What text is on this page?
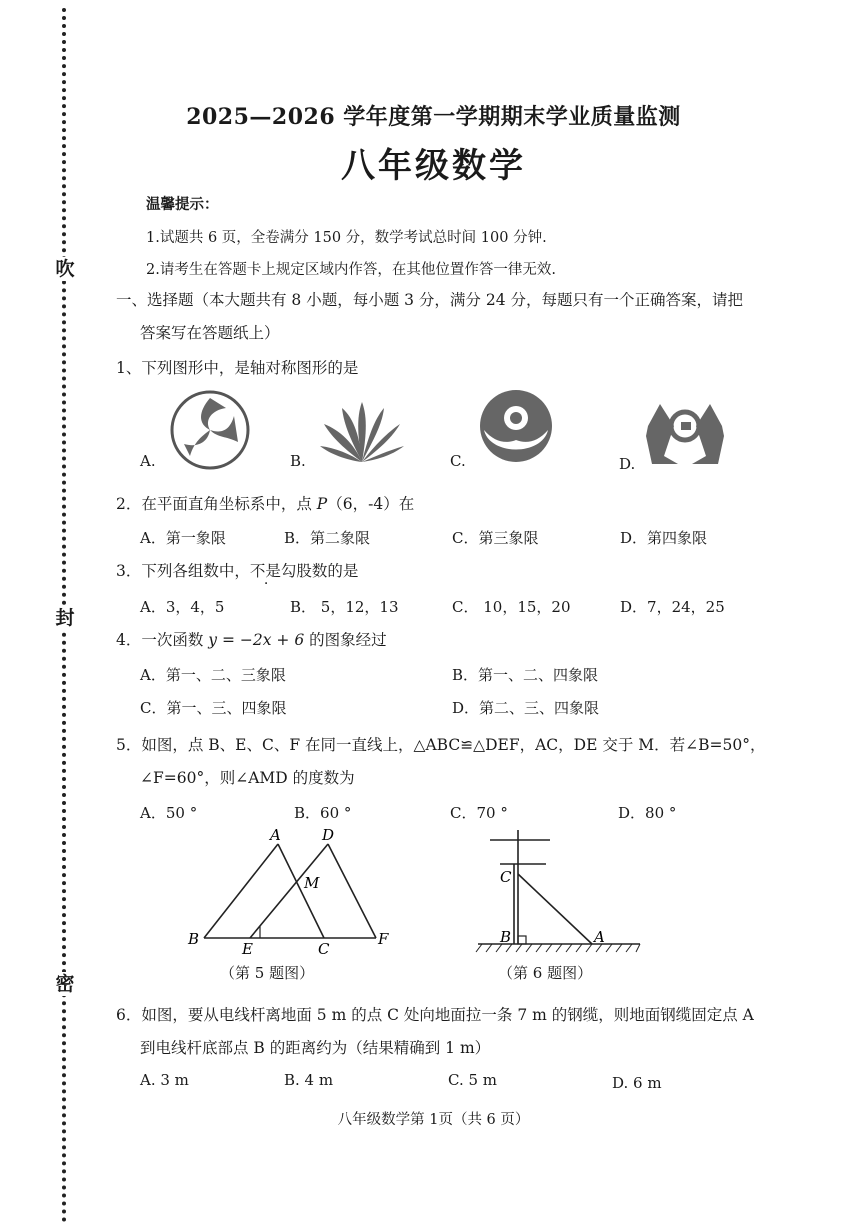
吹
封
密
2025—2026 学年度第一学期期末学业质量监测
八年级数学
温馨提示：
1.试题共 6 页，全卷满分 150 分，数学考试总时间 100 分钟.
2.请考生在答题卡上规定区域内作答，在其他位置作答一律无效.
一、选择题（本大题共有 8 小题，每小题 3 分，满分 24 分，每题只有一个正确答案，请把
答案写在答题纸上）
1、下列图形中，是轴对称图形的是
A.	B.	C.	D.
2．在平面直角坐标系中，点 P（6，-4）在
A．第一象限	B．第二象限	C．第三象限	D．第四象限
3．下列各组数中，不是勾股数的是
A．3，4，5	B． 5，12，13	C． 10，15，20	D．7，24，25
4．一次函数 y = −2x + 6 的图象经过
A．第一、二、三象限	B．第一、二、四象限
C．第一、三、四象限	D．第二、三、四象限
5．如图，点 B、E、C、F 在同一直线上，△ABC≌△DEF，AC，DE 交于 M．若∠B=50°，
∠F=60°，则∠AMD 的度数为
A．50 °	B．60 °	C．70 °	D．80 °
A	D
M
B
E	C
F
（第 5 题图）
C
B	A
（第 6 题图）
6．如图，要从电线杆离地面 5 m 的点 C 处向地面拉一条 7 m 的钢缆，则地面钢缆固定点 A
到电线杆底部点 B 的距离约为（结果精确到 1 m）
A. 3 m	B. 4 m	C. 5 m	D. 6 m
八年级数学第 1页（共 6 页）
